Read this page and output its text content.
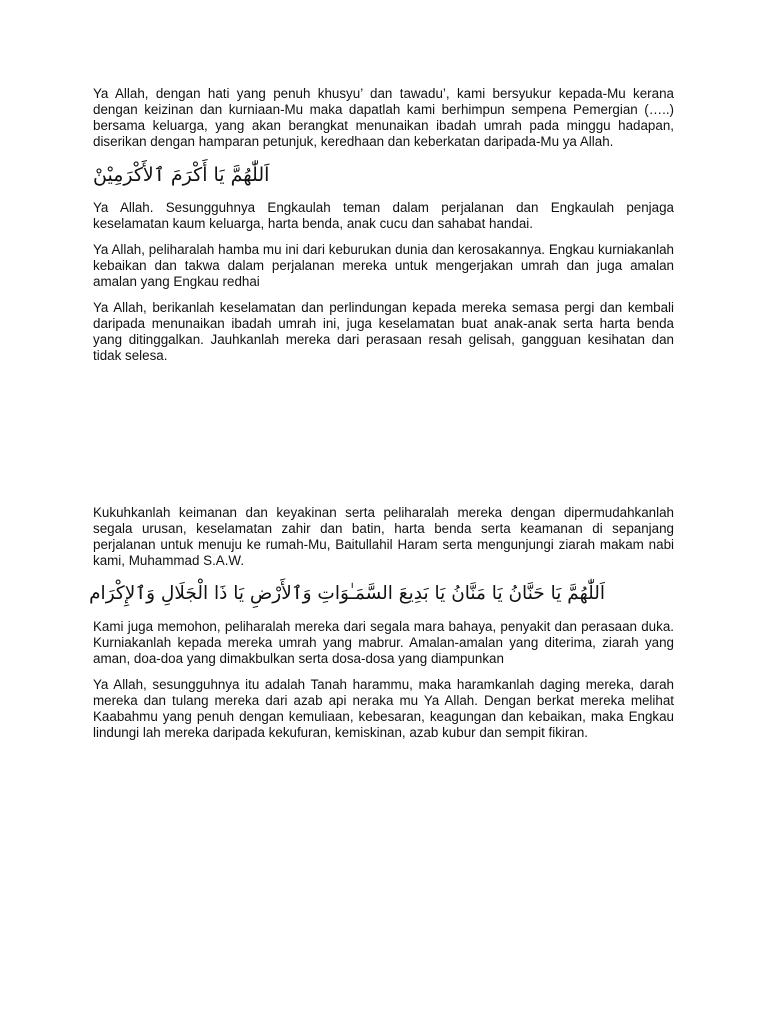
Ya Allah, dengan hati yang penuh khusyu’ dan tawadu’, kami bersyukur kepada-Mu kerana dengan keizinan dan kurniaan-Mu maka dapatlah kami berhimpun sempena Pemergian (…..) bersama keluarga, yang akan berangkat menunaikan ibadah umrah pada minggu hadapan, diserikan dengan hamparan petunjuk, keredhaan dan keberkatan daripada-Mu ya Allah.

اَللّٰهُمَّ يَا أَكْرَمَ ٱلأَكْرَمِيْنْ

Ya Allah. Sesungguhnya Engkaulah teman dalam perjalanan dan Engkaulah penjaga keselamatan kaum keluarga, harta benda, anak cucu dan sahabat handai.

Ya Allah, peliharalah hamba mu ini dari keburukan dunia dan kerosakannya. Engkau kurniakanlah kebaikan dan takwa dalam perjalanan mereka untuk mengerjakan umrah dan juga amalan amalan yang Engkau redhai

Ya Allah, berikanlah keselamatan dan perlindungan kepada mereka semasa pergi dan kembali daripada menunaikan ibadah umrah ini, juga keselamatan buat anak-anak serta harta benda yang ditinggalkan. Jauhkanlah mereka dari perasaan resah gelisah, gangguan kesihatan dan tidak selesa.

Kukuhkanlah keimanan dan keyakinan serta peliharalah mereka dengan dipermudahkanlah segala urusan, keselamatan zahir dan batin, harta benda serta keamanan di sepanjang perjalanan untuk menuju ke rumah-Mu, Baitullahil Haram serta mengunjungi ziarah makam nabi kami, Muhammad S.A.W.

اَللّٰهُمَّ يَا حَنَّانُ يَا مَنَّانُ يَا بَدِيعَ السَّمَـٰوَاتِ وَٱلأَرْضِ يَا ذَا الْجَلَالِ وَٱلإِكْرَام

Kami juga memohon, peliharalah mereka dari segala mara bahaya, penyakit dan perasaan duka. Kurniakanlah kepada mereka umrah yang mabrur. Amalan-amalan yang diterima, ziarah yang aman, doa-doa yang dimakbulkan serta dosa-dosa yang diampunkan

Ya Allah, sesungguhnya itu adalah Tanah harammu, maka haramkanlah daging mereka, darah mereka dan tulang mereka dari azab api neraka mu Ya Allah. Dengan berkat mereka melihat Kaabahmu yang penuh dengan kemuliaan, kebesaran, keagungan dan kebaikan, maka Engkau lindungi lah mereka daripada kekufuran, kemiskinan, azab kubur dan sempit fikiran.
